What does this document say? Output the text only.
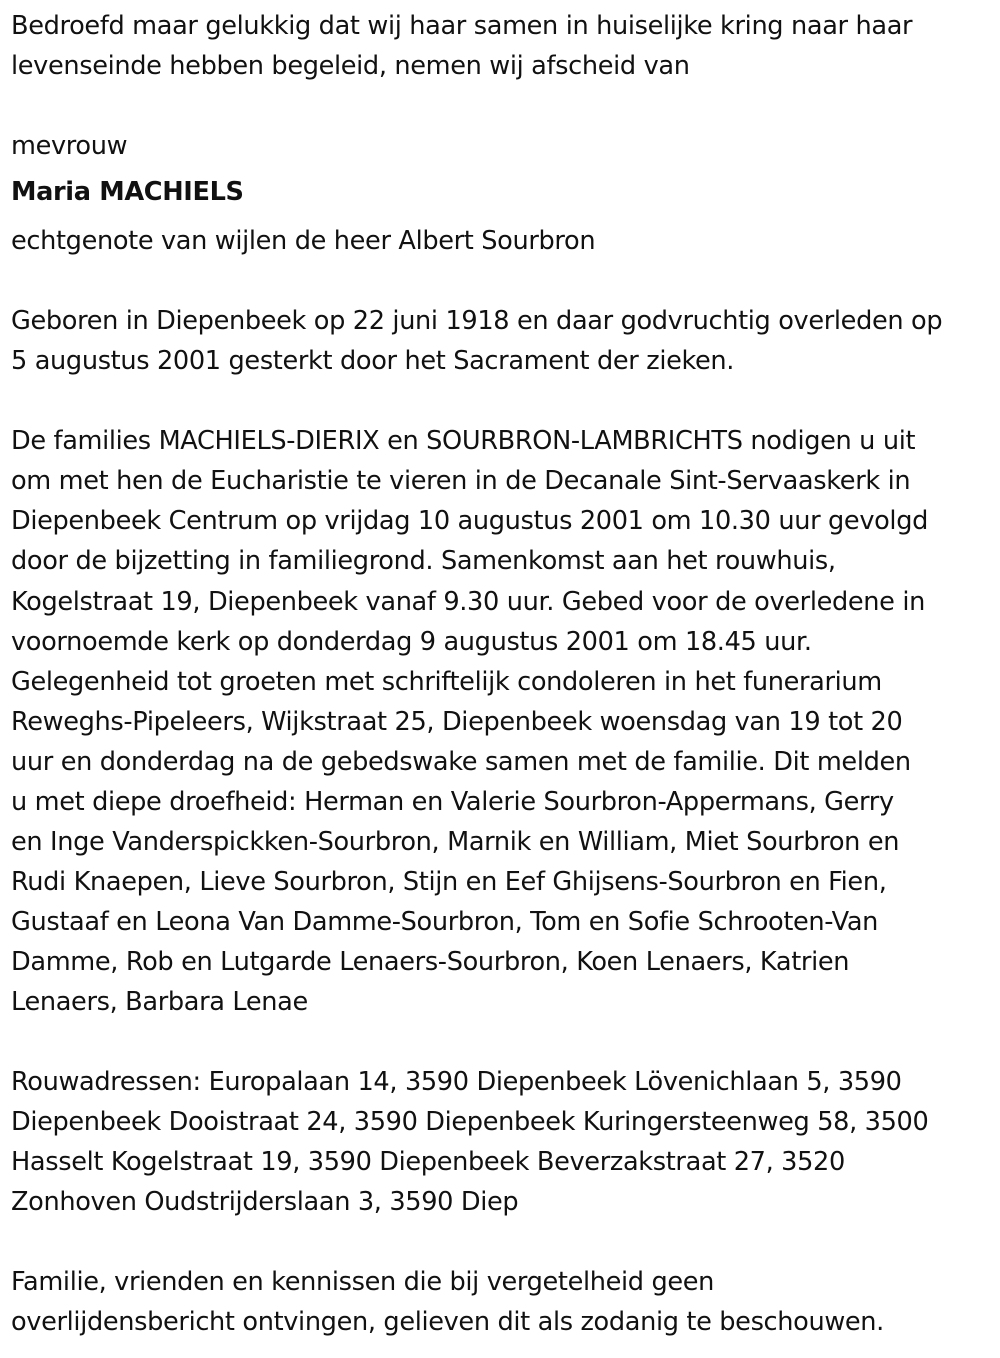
Bedroefd maar gelukkig dat wij haar samen in huiselijke kring naar haar
levenseinde hebben begeleid, nemen wij afscheid van

mevrouw

Maria MACHIELS

echtgenote van wijlen de heer Albert Sourbron

Geboren in Diepenbeek op 22 juni 1918 en daar godvruchtig overleden op
5 augustus 2001 gesterkt door het Sacrament der zieken.

De families MACHIELS-DIERIX en SOURBRON-LAMBRICHTS nodigen u uit
om met hen de Eucharistie te vieren in de Decanale Sint-Servaaskerk in
Diepenbeek Centrum op vrijdag 10 augustus 2001 om 10.30 uur gevolgd
door de bijzetting in familiegrond. Samenkomst aan het rouwhuis,
Kogelstraat 19, Diepenbeek vanaf 9.30 uur. Gebed voor de overledene in
voornoemde kerk op donderdag 9 augustus 2001 om 18.45 uur.
Gelegenheid tot groeten met schriftelijk condoleren in het funerarium
Reweghs-Pipeleers, Wijkstraat 25, Diepenbeek woensdag van 19 tot 20
uur en donderdag na de gebedswake samen met de familie. Dit melden
u met diepe droefheid: Herman en Valerie Sourbron-Appermans, Gerry
en Inge Vanderspickken-Sourbron, Marnik en William, Miet Sourbron en
Rudi Knaepen, Lieve Sourbron, Stijn en Eef Ghijsens-Sourbron en Fien,
Gustaaf en Leona Van Damme-Sourbron, Tom en Sofie Schrooten-Van
Damme, Rob en Lutgarde Lenaers-Sourbron, Koen Lenaers, Katrien
Lenaers, Barbara Lenae

Rouwadressen: Europalaan 14, 3590 Diepenbeek Lövenichlaan 5, 3590
Diepenbeek Dooistraat 24, 3590 Diepenbeek Kuringersteenweg 58, 3500
Hasselt Kogelstraat 19, 3590 Diepenbeek Beverzakstraat 27, 3520
Zonhoven Oudstrijderslaan 3, 3590 Diep

Familie, vrienden en kennissen die bij vergetelheid geen
overlijdensbericht ontvingen, gelieven dit als zodanig te beschouwen.
